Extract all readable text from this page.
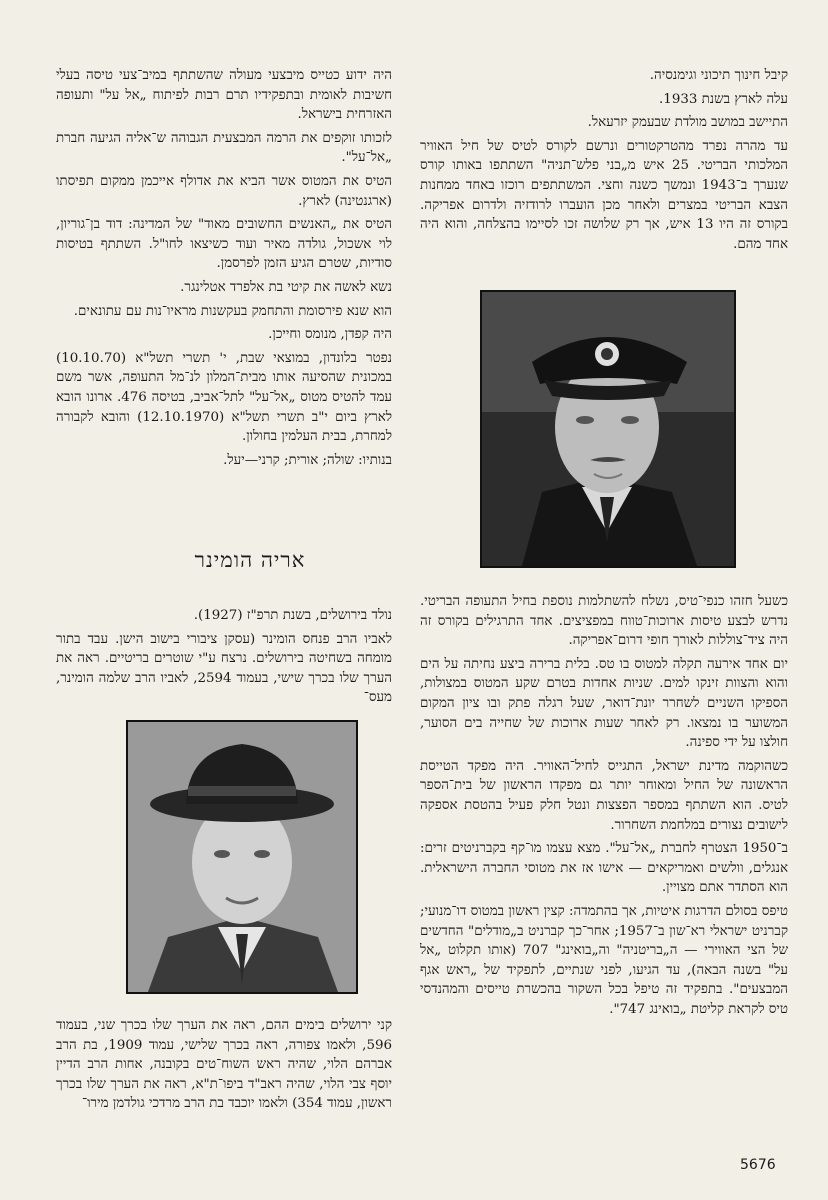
קיבל חינוך תיכוני וגימנסיה.

עלה לארץ בשנת 1933.

התיישב במושב מולדת שבעמק יזרעאל.

עד מהרה נפרד מהטרקטורים ונרשם לקורס לטיס של חיל האוויר המלכותי הבריטי. 25 איש מ„בני פלש־תניה" השתתפו באותו קורס שנערך ב־1943 ונמשך כשנה וחצי. המשתתפים רוכזו באחד ממחנות הצבא הבריטי במצרים ולאחר מכן הועברו לרודזיה ולדרום אפריקה. בקורס זה היו 13 איש, אך רק שלושה זכו לסיימו בהצלחה, והוא היה אחד מהם.

כשעל חזהו כנפי־טיס, נשלח להשתלמות נוספת בחיל התעופה הבריטי. נדרש לבצע טיסות ארוכות־טווח במפציצים. אחד התרגילים בקורס זה היה ציד־צוללות לאורך חופי דרום־אפריקה.

יום אחד אירעה תקלה למטוס בו טס. בלית ברירה ביצע נחיתה על הים והוא והצוות זינקו למים. שניות אחדות בטרם שקע המטוס במצולות, הספיקו השניים לשחרר יונת־דואר, שעל רגלה פתק ובו ציון המקום המשוער בו נמצאו. רק לאחר שעות ארוכות של שחייה בים הסוער, חולצו על ידי ספינה.

כשהוקמה מדינת ישראל, התגייס לחיל־האוויר. היה מפקד הטייסת הראשונה של החיל ומאוחר יותר גם מפקדו הראשון של בית־הספר לטיס. הוא השתתף במספר הפצצות ונטל חלק פעיל בהטסת אספקה לישובים נצורים במלחמת השחרור.

ב־1950 הצטרף לחברת „אל־על". מצא עצמו מו־קף בקברניטים זרים: אנגלים, וולשים ואמריקאים — אישו אז את מטוסי החברה הישראלית. הוא הסתדר אתם מצויין.

טיפס בסולם הדרגות איטיות, אך בהתמדה: קצין ראשון במטוס דו־מנועי; קברניט ישראלי רא־שון ב־1957; אחר־כך קברניט ב„מודלים" החדשים של הצי האווירי — ה„בריטניה" וה„בואינג" 707 (אותו תקלוט „אל על" בשנה הבאה), עד הגיעו, לפני שנתיים, לתפקיד של „ראש אגף המבצעים". בתפקיד זה טיפל בכל השקור בהכשרת טייסים והמהנדסי טיס לקראת קליטת „בואינג 747".

היה ידוע כטייס מיבצעי מעולה שהשתתף במיב־צעי טיסה בעלי חשיבות לאומית ובתפקידיו תרם רבות לפיתוח „אל על" ותעופה האזרחית בישראל.

לזכותו זוקפים את הרמה המבצעית הגבוהה ש־אליה הגיעה חברת „אל־על".

הטיס את המטוס אשר הביא את אדולף אייכמן ממקום תפיסתו (ארגנטינה) לארץ.

הטיס את „האנשים החשובים מאוד" של המדינה: דוד בן־גוריון, לוי אשכול, גולדה מאיר ועוד כשיצאו לחו"ל. השתתף בטיסות סודיות, שטרם הגיע הזמן לפרסמן.

נשא לאשה את קיטי בת אלפרד אטלינגר.

הוא שנא פירסומת והתחמק בעקשנות מראיו־נות עם עתונאים.

היה קפדן, מנומס וחייכן.

נפטר בלונדון, במוצאי שבת, י' תשרי תשל"א (10.10.70) במכונית שהסיעה אותו מבית־המלון לנ־מל התעופה, אשר משם עמד להטיס מטוס „אל־על" לתל־אביב, בטיסה 476. ארונו הובא לארץ ביום י"ב תשרי תשל"א (12.10.1970) והובא לקבורה למחרת, בבית העלמין בחולון.

בנותיו: שולה; אורית; קרני—יעל.

אריה הומינר

נולד בירושלים, בשנת תרפ"ז (1927).

לאביו הרב פנחס הומינר (עסקן ציבורי בישוב הישן. עבד בתור מומחה בשחיטה בירושלים. נרצח ע"י שוטרים בריטיים. ראה את הערך שלו בכרך שישי, בעמוד 2594, לאביו הרב שלמה הומינר, מעס־

קני ירושלים בימים ההם, ראה את הערך שלו בכרך שני, בעמוד 596, ולאמו צפורה, ראה בכרך שלישי, עמוד 1909, בת הרב אברהם הלוי, שהיה ראש השוח־טים בקובנה, אחות הרב הדיין יוסף צבי הלוי, שהיה ראב"ד ביפו־ת"א, ראה את הערך שלו בכרך ראשון, עמוד 354) ולאמו יוכבד בת הרב מרדכי גולדמן מירו־

5676
